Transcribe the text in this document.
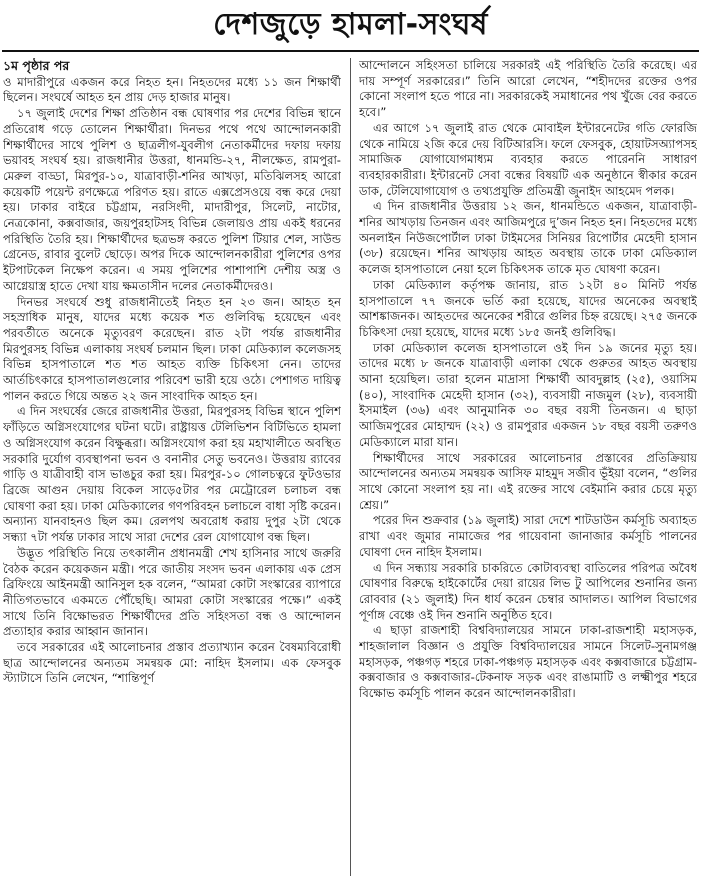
দেশজুড়ে হামলা-সংঘর্ষ
১ম পৃষ্ঠার পর

ও মাদারীপুরে একজন করে নিহত হন। নিহতদের মধ্যে ১১ জন শিক্ষার্থী ছিলেন। সংঘর্ষে আহত হন প্রায় দেড় হাজার মানুষ।

১৭ জুলাই দেশের শিক্ষা প্রতিষ্ঠান বন্ধ ঘোষণার পর দেশের বিভিন্ন স্থানে প্রতিরোধ গড়ে তোলেন শিক্ষার্থীরা। দিনভর পথে পথে আন্দোলনকারী শিক্ষার্থীদের সাথে পুলিশ ও ছাত্রলীগ-যুবলীগ নেতাকর্মীদের দফায় দফায় ভয়াবহ সংঘর্ষ হয়। রাজধানীর উত্তরা, ধানমন্ডি-২৭, নীলক্ষেত, রামপুরা-মেরুল বাড্ডা, মিরপুর-১০, যাত্রাবাড়ী-শনির আখড়া, মতিঝিলসহ আরো কয়েকটি পয়েন্ট রণক্ষেত্রে পরিণত হয়। রাতে এক্সপ্রেসওয়ে বন্ধ করে দেয়া হয়। ঢাকার বাইরে চট্টগ্রাম, নরসিংদী, মাদারীপুর, সিলেট, নাটোর, নেত্রকোনা, কক্সবাজার, জয়পুরহাটসহ বিভিন্ন জেলায়ও প্রায় একই ধরনের পরিস্থিতি তৈরি হয়। শিক্ষার্থীদের ছত্রভঙ্গ করতে পুলিশ টিয়ার শেল, সাউন্ড গ্রেনেড, রাবার বুলেট ছোড়ে। অপর দিকে আন্দোলনকারীরা পুলিশের ওপর ইটপাটকেল নিক্ষেপ করেন। এ সময় পুলিশের পাশাপাশি দেশীয় অস্ত্র ও আগ্নেয়াস্ত্র হাতে দেখা যায় ক্ষমতাসীন দলের নেতাকর্মীদেরও।

দিনভর সংঘর্ষে শুধু রাজধানীতেই নিহত হন ২৩ জন। আহত হন সহস্রাধিক মানুষ, যাদের মধ্যে কয়েক শত গুলিবিদ্ধ হয়েছেন এবং পরবর্তীতে অনেকে মৃত্যুবরণ করেছেন। রাত ২টা পর্যন্ত রাজধানীর মিরপুরসহ বিভিন্ন এলাকায় সংঘর্ষ চলমান ছিল। ঢাকা মেডিক্যাল কলেজসহ বিভিন্ন হাসপাতালে শত শত আহত ব্যক্তি চিকিৎসা নেন। তাদের আর্তচিৎকারে হাসপাতালগুলোর পরিবেশ ভারী হয়ে ওঠে। পেশাগত দায়িত্ব পালন করতে গিয়ে অন্তত ২২ জন সাংবাদিক আহত হন।

এ দিন সংঘর্ষের জেরে রাজধানীর উত্তরা, মিরপুরসহ বিভিন্ন স্থানে পুলিশ ফাঁড়িতে অগ্নিসংযোগের ঘটনা ঘটে। রাষ্ট্রায়ত্ত টেলিভিশন বিটিভিতে হামলা ও অগ্নিসংযোগ করেন বিক্ষুব্ধরা। অগ্নিসংযোগ করা হয় মহাখালীতে অবস্থিত সরকারি দুর্যোগ ব্যবস্থাপনা ভবন ও বনানীর সেতু ভবনেও। উত্তরায় র‍্যাবের গাড়ি ও যাত্রীবাহী বাস ভাঙচুর করা হয়। মিরপুর-১০ গোলচত্বরে ফুটওভার ব্রিজে আগুন দেয়ায় বিকেল সাড়ে৫টার পর মেট্রোরেল চলাচল বন্ধ ঘোষণা করা হয়। ঢাকা মেডিক্যালের গণপরিবহন চলাচলে বাধা সৃষ্টি করেন। অন্যান্য যানবাহনও ছিল কম। রেলপথ অবরোধ করায় দুপুর ২টা থেকে সন্ধ্যা ৭টা পর্যন্ত ঢাকার সাথে সারা দেশের রেল যোগাযোগ বন্ধ ছিল।

উদ্ভূত পরিস্থিতি নিয়ে তৎকালীন প্রধানমন্ত্রী শেখ হাসিনার সাথে জরুরি বৈঠক করেন কয়েকজন মন্ত্রী। পরে জাতীয় সংসদ ভবন এলাকায় এক প্রেস ব্রিফিংয়ে আইনমন্ত্রী আনিসুল হক বলেন, “আমরা কোটা সংস্কারের ব্যাপারে নীতিগতভাবে একমতে পৌঁছেছি। আমরা কোটা সংস্কারের পক্ষে।” একই সাথে তিনি বিক্ষোভরত শিক্ষার্থীদের প্রতি সহিংসতা বন্ধ ও আন্দোলন প্রত্যাহার করার আহ্বান জানান।

তবে সরকারের এই আলোচনার প্রস্তাব প্রত্যাখ্যান করেন বৈষম্যবিরোধী ছাত্র আন্দোলনের অন্যতম সমন্বয়ক মো: নাহিদ ইসলাম। এক ফেসবুক স্ট্যাটাসে তিনি লেখেন, “শান্তিপূর্ণ

আন্দোলনে সহিংসতা চালিয়ে সরকারই এই পরিস্থিতি তৈরি করেছে। এর দায় সম্পূর্ণ সরকারের।” তিনি আরো লেখেন, “শহীদদের রক্তের ওপর কোনো সংলাপ হতে পারে না। সরকারকেই সমাধানের পথ খুঁজে বের করতে হবে।”

এর আগে ১৭ জুলাই রাত থেকে মোবাইল ইন্টারনেটের গতি ফোরজি থেকে নামিয়ে ২জি করে দেয় বিটিআরসি। ফলে ফেসবুক, হোয়াটসঅ্যাপসহ সামাজিক যোগাযোগমাধ্যম ব্যবহার করতে পারেননি সাধারণ ব্যবহারকারীরা। ইন্টারনেট সেবা বন্ধের বিষয়টি এক অনুষ্ঠানে স্বীকার করেন ডাক, টেলিযোগাযোগ ও তথ্যপ্রযুক্তি প্রতিমন্ত্রী জুনাইদ আহমেদ পলক।

এ দিন রাজধানীর উত্তরায় ১২ জন, ধানমন্ডিতে একজন, যাত্রাবাড়ী-শনির আখড়ায় তিনজন এবং আজিমপুরে দু’জন নিহত হন। নিহতদের মধ্যে অনলাইন নিউজপোর্টাল ঢাকা টাইমসের সিনিয়র রিপোর্টার মেহেদী হাসান (৩৮) রয়েছেন। শনির আখড়ায় আহত অবস্থায় তাকে ঢাকা মেডিক্যাল কলেজ হাসপাতালে নেয়া হলে চিকিৎসক তাকে মৃত ঘোষণা করেন।

ঢাকা মেডিক্যাল কর্তৃপক্ষ জানায়, রাত ১২টা ৪০ মিনিট পর্যন্ত হাসপাতালে ৭৭ জনকে ভর্তি করা হয়েছে, যাদের অনেকের অবস্থাই আশঙ্কাজনক। আহতদের অনেকের শরীরে গুলির চিহ্ন রয়েছে। ২৭৫ জনকে চিকিৎসা দেয়া হয়েছে, যাদের মধ্যে ১৮৫ জনই গুলিবিদ্ধ।

ঢাকা মেডিক্যাল কলেজ হাসপাতালে ওই দিন ১৯ জনের মৃত্যু হয়। তাদের মধ্যে ৮ জনকে যাত্রাবাড়ী এলাকা থেকে গুরুতর আহত অবস্থায় আনা হয়েছিল। তারা হলেন মাদ্রাসা শিক্ষার্থী আবদুল্লাহ (২৫), ওয়াসিম (৪০), সাংবাদিক মেহেদী হাসান (৩২), ব্যবসায়ী নাজমুল (২৮), ব্যবসায়ী ইসমাইল (৩৬) এবং আনুমানিক ৩০ বছর বয়সী তিনজন। এ ছাড়া আজিমপুরের মোহাম্মদ (২২) ও রামপুরার একজন ১৮ বছর বয়সী তরুণও মেডিক্যালে মারা যান।

শিক্ষার্থীদের সাথে সরকারের আলোচনার প্রস্তাবের প্রতিক্রিয়ায় আন্দোলনের অন্যতম সমন্বয়ক আসিফ মাহমুদ সজীব ভূঁইয়া বলেন, “গুলির সাথে কোনো সংলাপ হয় না। এই রক্তের সাথে বেইমানি করার চেয়ে মৃত্যু শ্রেয়।”

পরের দিন শুক্রবার (১৯ জুলাই) সারা দেশে শাটডাউন কর্মসূচি অব্যাহত রাখা এবং জুমার নামাজের পর গায়েবানা জানাজার কর্মসূচি পালনের ঘোষণা দেন নাহিদ ইসলাম।

এ দিন সন্ধ্যায় সরকারি চাকরিতে কোটাব্যবস্থা বাতিলের পরিপত্র অবৈধ ঘোষণার বিরুদ্ধে হাইকোর্টের দেয়া রায়ের লিভ টু আপিলের শুনানির জন্য রোববার (২১ জুলাই) দিন ধার্য করেন চেম্বার আদালত। আপিল বিভাগের পূর্ণাঙ্গ বেঞ্চে ওই দিন শুনানি অনুষ্ঠিত হবে।

এ ছাড়া রাজশাহী বিশ্ববিদ্যালয়ের সামনে ঢাকা-রাজশাহী মহাসড়ক, শাহজালাল বিজ্ঞান ও প্রযুক্তি বিশ্ববিদ্যালয়ের সামনে সিলেট-সুনামগঞ্জ মহাসড়ক, পঞ্চগড় শহরে ঢাকা-পঞ্চগড় মহাসড়ক এবং কক্সবাজারে চট্টগ্রাম-কক্সবাজার ও কক্সবাজার-টেকনাফ সড়ক এবং রাঙামাটি ও লক্ষ্মীপুর শহরে বিক্ষোভ কর্মসূচি পালন করেন আন্দোলনকারীরা।
